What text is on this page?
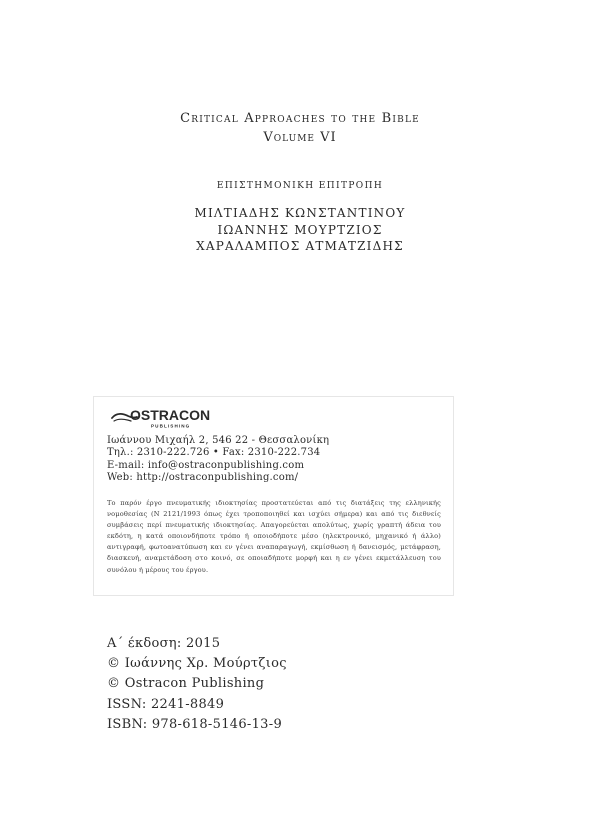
Critical Approaches to the Bible
Volume VI
ΕΠΙΣΤΗΜΟΝΙΚΗ ΕΠΙΤΡΟΠΗ
ΜΙΛΤΙΑΔΗΣ ΚΩΝΣΤΑΝΤΙΝΟΥ
ΙΩΑΝΝΗΣ ΜΟΥΡΤΖΙΟΣ
ΧΑΡΑΛΑΜΠΟΣ ΑΤΜΑΤΖΙΔΗΣ
OSTRACON
PUBLISHING
Ιωάννου Μιχαήλ 2, 546 22 - Θεσσαλονίκη
Τηλ.: 2310-222.726 • Fax: 2310-222.734
E-mail: info@ostraconpublishing.com
Web: http://ostraconpublishing.com/
Το παρόν έργο πνευματικής ιδιοκτησίας προστατεύεται από τις διατάξεις της ελληνικής νομοθεσίας (Ν 2121/1993 όπως έχει τροποποιηθεί και ισχύει σήμερα) και από τις διεθνείς συμβάσεις περί πνευματικής ιδιοκτησίας. Απαγορεύεται απολύτως, χωρίς γραπτή άδεια του εκδότη, η κατά οποιονδήποτε τρόπο ή οποιοδήποτε μέσο (ηλεκτρονικό, μηχανικό ή άλλο) αντιγραφή, φωτοανατύπωση και εν γένει αναπαραγωγή, εκμίσθωση ή δανεισμός, μετάφραση, διασκευή, αναμετάδοση στο κοινό, σε οποιαδήποτε μορφή και η εν γένει εκμετάλλευση του συνόλου ή μέρους του έργου.
Α΄ έκδοση: 2015
© Ιωάννης Χρ. Μούρτζιος
© Ostracon Publishing
ISSN: 2241-8849
ISBN: 978-618-5146-13-9
